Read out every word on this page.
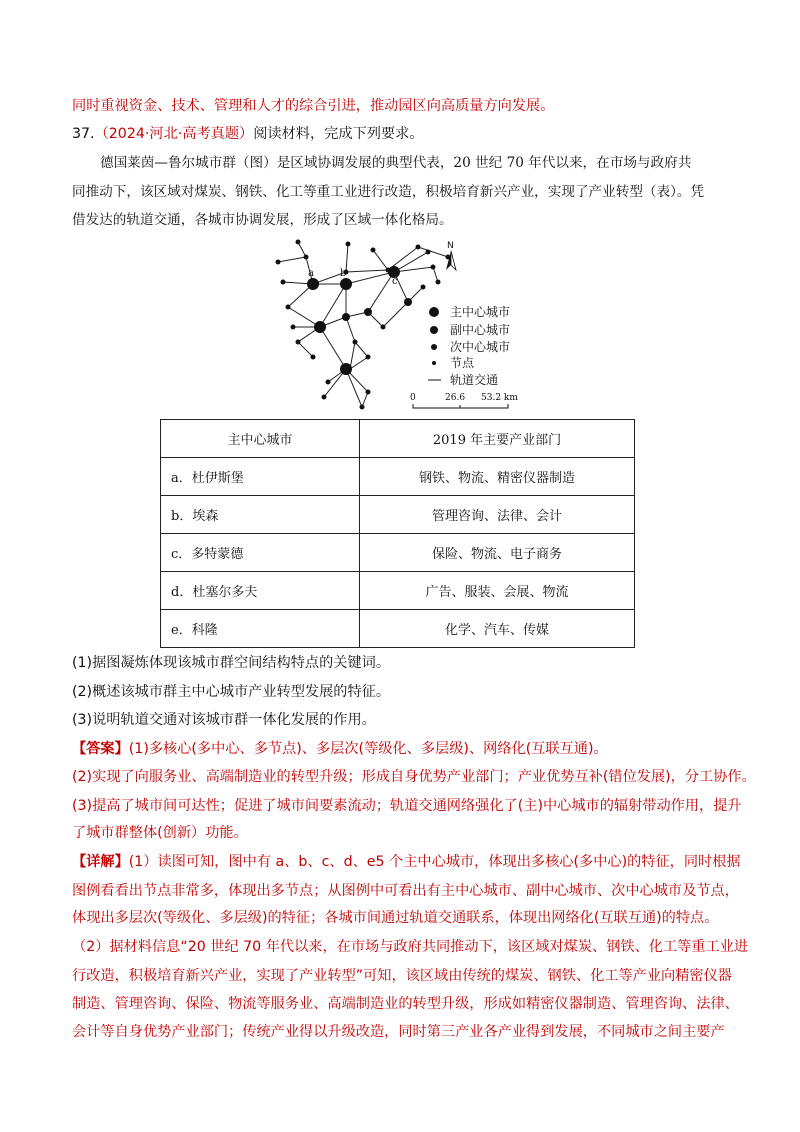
同时重视资金、技术、管理和人才的综合引进，推动园区向高质量方向发展。
37.（2024·河北·高考真题）阅读材料，完成下列要求。
德国莱茵—鲁尔城市群（图）是区域协调发展的典型代表，20 世纪 70 年代以来，在市场与政府共
同推动下，该区域对煤炭、钢铁、化工等重工业进行改造，积极培育新兴产业，实现了产业转型（表）。凭
借发达的轨道交通，各城市协调发展，形成了区域一体化格局。
a	b
c
d
e
N
主中心城市
副中心城市
次中心城市
节点
轨道交通
0	26.6 53.2 km
主中心城市	2019 年主要产业部门
a．杜伊斯堡	钢铁、物流、精密仪器制造
b．埃森	管理咨询、法律、会计
c．多特蒙德	保险、物流、电子商务
d．杜塞尔多夫	广告、服装、会展、物流
e．科隆	化学、汽车、传媒
(1)据图凝炼体现该城市群空间结构特点的关键词。
(2)概述该城市群主中心城市产业转型发展的特征。
(3)说明轨道交通对该城市群一体化发展的作用。
【答案】(1)多核心(多中心、多节点)、多层次(等级化、多层级)、网络化(互联互通)。
(2)实现了向服务业、高端制造业的转型升级；形成自身优势产业部门；产业优势互补(错位发展)，分工协作。
(3)提高了城市间可达性；促进了城市间要素流动；轨道交通网络强化了(主)中心城市的辐射带动作用，提升
了城市群整体(创新）功能。
【详解】(1）读图可知，图中有 a、b、c、d、e5 个主中心城市，体现出多核心(多中心)的特征，同时根据
图例看看出节点非常多，体现出多节点；从图例中可看出有主中心城市、副中心城市、次中心城市及节点，
体现出多层次(等级化、多层级)的特征；各城市间通过轨道交通联系，体现出网络化(互联互通)的特点。
（2）据材料信息“20 世纪 70 年代以来，在市场与政府共同推动下，该区域对煤炭、钢铁、化工等重工业进
行改造，积极培育新兴产业，实现了产业转型”可知，该区域由传统的煤炭、钢铁、化工等产业向精密仪器
制造、管理咨询、保险、物流等服务业、高端制造业的转型升级，形成如精密仪器制造、管理咨询、法律、
会计等自身优势产业部门；传统产业得以升级改造，同时第三产业各产业得到发展，不同城市之间主要产
